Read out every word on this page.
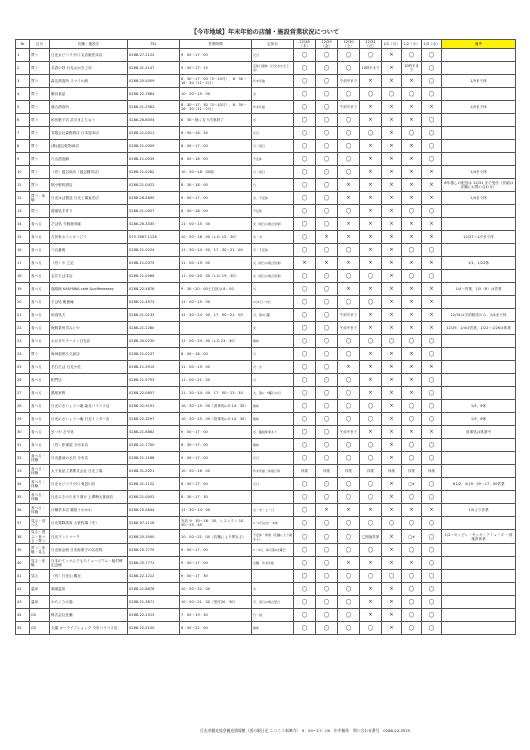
【今市地域】年末年始の店舗・施設営業状況について
№	区分	店舗・施設名	TEL	営業時間	定休日	12/28（木）	12/29（金）	12/30（土）	12/31（日）	1/1（月）	1/2（火）	1/3（水）	備考
1	買う	日光カビパラ小川 支店販売本店	0288-27-1122	9：00〜17：00	元日	◯	◯	◯	◯	×	◯	◯	
2	買う	名倉の妙 日光おかき工房	0288-31-1147	9：00〜17：15	定休日無休（日光おかき工房）	◯	◯	◯	10時半まで	×	10時半まで	◯	
3	買う	森友酒造所 スマイル館	0288-25-5059	8：30〜17：00（3〜10月）、8：30〜16：30（11〜2月）	年末年始	◯	◯	午前中まで	×	×	×	◯	1/5まで休
4	買う	鶴谷食品	0288-22-7664	10：00〜15：00	水	◯	◯	◯	◯	◯	◯	◯	
5	買う	落合酒食所	0288-21-2562	8：30〜17：30（3〜10月）、8：30〜16：30（11〜2月）	年末年始	◯	◯	午前中まで	×	×	×	×	1/5まで休
6	買う	和田菓子店 武平まんじゅう	0288-26-8054	8：30〜無くなり次第終了	水	◯	◯	◯	×	×	×	◯	
7	買う	有限会社森野酒店 日本屋本店	0288-21-0011	8：00〜18：30	元日	◯	◯	◯	◯	×	◯	◯	
8	買う	(株)渡辺乾物商店	0288-21-0059	8：00〜17：00	日・祝日	◯	◯	◯	×	×	×	◯	
9	買う	片山酒造網	0288-21-0039	8：00〜18：00	不定休	◯	◯	◯	×	×	×	◯	
10	買う	（有）渡辺商店（渡辺精肉店）	0288-21-0282	10：00〜18：00頃	日・祝日	◯	◯	◯	×	×	×	×	1/4まで休
11	買う	桐小野町酒店	0288-21-0422	8：30〜18：00	日	◯	◯	×	×	×	×	×	※年越しの配送は 12/31 まで受付（詳細は店舗にお問い合わせ）
12	買う・体験	日光ゆば製造 日光工場直売店	0288-26-4899	9：00〜17：00	水、不定休	◯	◯	×	×	×	×	×	1/4まで休
13	買う	湯葉処手作り	0288-21-0007	8：00〜18：00	不定休	◯	◯	◯	×	×	◯	◯	
14	食べる	そば処 今無漁寿庵	0288-26-3335	11：00〜15：00	火（祝日の場合営業）	◯	◯	×	×	×	×	×	
15	食べる	古民家カフェロ〜どう	070-7667-1126	10：00〜16：00（L.O. 15：30）	水・木	◯	×	×	×	×	×	×	12/27〜1/7まで休
16	食べる	八百番街	0288-21-9224	11：30〜14：00、17：30〜21：00	月・不定休	◯	◯	◯	×	×	◯	◯	
17	食べる	（有）や 之定	0288-21-0375	11：00〜15：00	火（祝日の場合営業）	×	×	×	×	×	×	×	1/1、1/22休
18	食べる	志井そば本店	0288-21-0566	11：00〜20：00（L.O. 19：30）	火（祝日の場合営業）	◯	◯	◯	◯	×	◯	◯	
19	食べる	珈琲館 KASHIWA cafe &coffeeeasey	0288-22-5876	9：30〜20：00土日祝は 8：00	月	◯	◯	×	×	×	×	×	1/4〜営業、1/5（6）は営業
20	食べる	そば処 報徳庵	0288-21-4973	11：00〜15：00	1月1日〜3日	◯	◯	◯	◯	×	×	×	
21	食べる	和食処天	0288-21-0133	11：30〜14：00、17：00〜21：00	月、第3日曜	◯	◯	午前中まで	×	×	×	×	12/31は予約販売のみ、1/4まで休
22	食べる	海鮮茶房司みとや	0288-21-2280		火	◯	◯	午前中まで	×	×	×	×	12/29、1/4は営業、1/22〜1/26は休業
23	食べる	おおぎやラーメン日光店	0288-30-0230	11：00〜24：00（L.O 23：30）	無休	◯	◯	◯	◯	◯	◯	◯	
24	買う	海神楽狭江久商店	0288-21-0237	8：00〜18：00	日	◯	◯	◯	×	×	×	◯	
25	食べる	手打そば 日光小佐	0288-21-3910	11：00〜15：00	月・火	◯	◯	×	×	×	×	×	
26	食べる	相門店	0288-21-9753	11：00〜21：00	月	◯	◯	◯	×	×	×	◯	
27	食べる	鶏宿家株	0288-22-0657	11：30〜14：00、17：00〜23：30	火、第1・3曜日の月	◯	◯	◯	×	×	×	◯	
28	食べる	日光のきいょうつ庵 森友バイパス店	0288-32-9191	10：30〜15：00（食事処L.O 14：30）	無休	◯	◯	◯	◯	×	◯	◯	1/5、6休
29	食べる	日光のさいょうつ庵 日光インター店	0288-22-3297	10：30〜15：00（食事処L.O 14：30）	無休	◯	◯	◯	◯	×	◯	◯	1/5、6休
30	食べる	まつや さや処	0288-21-8882	9：00〜17：00	水、臨時休業あり	◯	◯	午前中まで	×	×	×	×	食事処は休業中
31	食べる	（有）松葉屋 今市本店	0288-21-7700	8：30〜17：00	無休	◯	◯	◯	◯	×	◯	◯	
32	食べる・体験	日光醤油のさ沢 今市店	0288-21-1168	9：00〜17：00	元日	◯	◯	◯	◯	×	◯	◯	
33	食べる・体験	太子食品工業株式会社 日光工場	0288-31-5221	10：00〜16：00	年末年始・休館日等	休業	休業	休業	休業	休業	休業	休業	
34	食べる・体験	日光カビパラ小川 鬼怒川店	0288-31-1122	8：00〜17：00	元日	◯	◯	◯	◯	×	◯※	◯	※1/2、3は9：00〜17：00営業
35	食べる・体験	日光みそのたまり漬け 上澤梅太郎商店	0288-21-0002	8：30〜17：30		◯	◯	◯	◯	×	◯	◯	
36	食べる・体験	汁麺亭本店 麺屋うわかわ	0288-25-5844	11：30〜14：00	火・木・土・日	◯	×	×	×	×	×	×	1/5より営業
37	見る・食べる	日光霧降高原 大笹牧場（冬）	0288-97-1116	売店 9：30〜16：30、レストラン 10：30〜15：45	1〜2月は水・木休	◯	◯	◯	◯	◯	◯	◯	
38	見る・遊ぶ・食べる・買う	日光ランドマーク	0288-25-3540	10：00〜21：00（店舗により異なる）	不定休・休館（店舗により異なる）	◯	◯	◯	◯短縮営業	×	◯※	◯	1/2〜キンピレ・ヤンキ・アミューズ 一部施設休業
39	買う・体験・見る	日光彫会館 日光彫菓子の名産物	0288-25-7775	9：00〜17：00	1〜3月、毎月第3火曜日	◯	◯	◯	◯	×	◯	◯	
40	見る・体験	日本のてっぺんでもたミュージアム・駄村博記念館	0288-25-7771	9：00〜17：00	火曜、年末年始	◯	◯	×	×	×	×	◯	
41	見る	（有）日光山 観光	0288-22-1212	9：00〜17：30		◯	◯	◯	◯	◯	◯	◯	
42	温泉	葉琉温泉	0288-21-8876	10：00〜22：00	木	◯	◯	◯	×	×	◯	◯	
43	温泉	かたくりの湯	0288-21-3671	10：00〜21：00（受付20：30）	月、祝日の場合翌日	◯	◯	◯	×	×	◯	◯	
44	GS	株式会社佐瀬	0288-22-1013	7：00〜19：30	日・祝	◯	◯	◯	×	×	◯	◯	
45	GS	大龍 カーライフショップ 今市バイパス店	0288-22-5100	8：00〜22：00	無休	◯	◯	◯	◯	×	◯	◯	
日光市観光協会観光情報館（道の駅日光 ニコニコ本陣内）　9：00〜17：00　年中無休　問い合わせ番号　0288-22-3525
